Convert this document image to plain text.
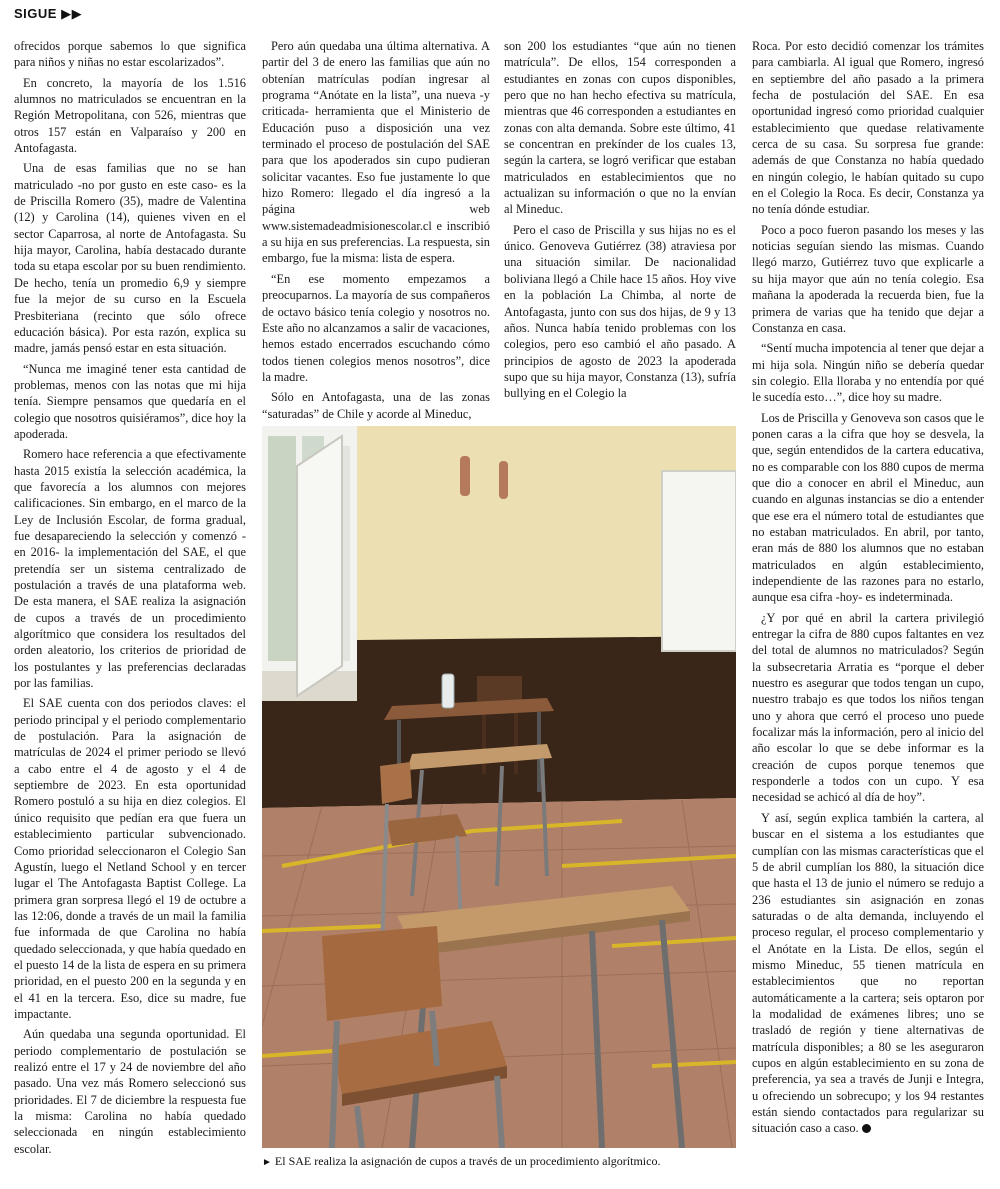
SIGUE ▶▶

ofrecidos porque sabemos lo que significa para niños y niñas no estar escolarizados”.

En concreto, la mayoría de los 1.516 alumnos no matriculados se encuentran en la Región Metropolitana, con 526, mientras que otros 157 están en Valparaíso y 200 en Antofagasta.

Una de esas familias que no se han matriculado -no por gusto en este caso- es la de Priscilla Romero (35), madre de Valentina (12) y Carolina (14), quienes viven en el sector Caparrosa, al norte de Antofagasta. Su hija mayor, Carolina, había destacado durante toda su etapa escolar por su buen rendimiento. De hecho, tenía un promedio 6,9 y siempre fue la mejor de su curso en la Escuela Presbiteriana (recinto que sólo ofrece educación básica). Por esta razón, explica su madre, jamás pensó estar en esta situación.

“Nunca me imaginé tener esta cantidad de problemas, menos con las notas que mi hija tenía. Siempre pensamos que quedaría en el colegio que nosotros quisiéramos”, dice hoy la apoderada.

Romero hace referencia a que efectivamente hasta 2015 existía la selección académica, la que favorecía a los alumnos con mejores calificaciones. Sin embargo, en el marco de la Ley de Inclusión Escolar, de forma gradual, fue desapareciendo la selección y comenzó -en 2016- la implementación del SAE, el que pretendía ser un sistema centralizado de postulación a través de una plataforma web. De esta manera, el SAE realiza la asignación de cupos a través de un procedimiento algorítmico que considera los resultados del orden aleatorio, los criterios de prioridad de los postulantes y las preferencias declaradas por las familias.

El SAE cuenta con dos periodos claves: el periodo principal y el periodo complementario de postulación. Para la asignación de matrículas de 2024 el primer periodo se llevó a cabo entre el 4 de agosto y el 4 de septiembre de 2023. En esta oportunidad Romero postuló a su hija en diez colegios. El único requisito que pedían era que fuera un establecimiento particular subvencionado. Como prioridad seleccionaron el Colegio San Agustín, luego el Netland School y en tercer lugar el The Antofagasta Baptist College. La primera gran sorpresa llegó el 19 de octubre a las 12:06, donde a través de un mail la familia fue informada de que Carolina no había quedado seleccionada, y que había quedado en el puesto 14 de la lista de espera en su primera prioridad, en el puesto 200 en la segunda y en el 41 en la tercera. Eso, dice su madre, fue impactante.

Aún quedaba una segunda oportunidad. El periodo complementario de postulación se realizó entre el 17 y 24 de noviembre del año pasado. Una vez más Romero seleccionó sus prioridades. El 7 de diciembre la respuesta fue la misma: Carolina no había quedado seleccionada en ningún establecimiento escolar.

Pero aún quedaba una última alternativa. A partir del 3 de enero las familias que aún no obtenían matrículas podían ingresar al programa “Anótate en la lista”, una nueva -y criticada- herramienta que el Ministerio de Educación puso a disposición una vez terminado el proceso de postulación del SAE para que los apoderados sin cupo pudieran solicitar vacantes. Eso fue justamente lo que hizo Romero: llegado el día ingresó a la página web www.sistemadeadmisionescolar.cl e inscribió a su hija en sus preferencias. La respuesta, sin embargo, fue la misma: lista de espera.

“En ese momento empezamos a preocuparnos. La mayoría de sus compañeros de octavo básico tenía colegio y nosotros no. Este año no alcanzamos a salir de vacaciones, hemos estado encerrados escuchando cómo todos tienen colegios menos nosotros”, dice la madre.

Sólo en Antofagasta, una de las zonas “saturadas” de Chile y acorde al Mineduc,

son 200 los estudiantes “que aún no tienen matrícula”. De ellos, 154 corresponden a estudiantes en zonas con cupos disponibles, pero que no han hecho efectiva su matrícula, mientras que 46 corresponden a estudiantes en zonas con alta demanda. Sobre este último, 41 se concentran en prekínder de los cuales 13, según la cartera, se logró verificar que estaban matriculados en establecimientos que no actualizan su información o que no la envían al Mineduc.

Pero el caso de Priscilla y sus hijas no es el único. Genoveva Gutiérrez (38) atraviesa por una situación similar. De nacionalidad boliviana llegó a Chile hace 15 años. Hoy vive en la población La Chimba, al norte de Antofagasta, junto con sus dos hijas, de 9 y 13 años. Nunca había tenido problemas con los colegios, pero eso cambió el año pasado. A principios de agosto de 2023 la apoderada supo que su hija mayor, Constanza (13), sufría bullying en el Colegio la

Roca. Por esto decidió comenzar los trámites para cambiarla. Al igual que Romero, ingresó en septiembre del año pasado a la primera fecha de postulación del SAE. En esa oportunidad ingresó como prioridad cualquier establecimiento que quedase relativamente cerca de su casa. Su sorpresa fue grande: además de que Constanza no había quedado en ningún colegio, le habían quitado su cupo en el Colegio la Roca. Es decir, Constanza ya no tenía dónde estudiar.

Poco a poco fueron pasando los meses y las noticias seguían siendo las mismas. Cuando llegó marzo, Gutiérrez tuvo que explicarle a su hija mayor que aún no tenía colegio. Esa mañana la apoderada la recuerda bien, fue la primera de varias que ha tenido que dejar a Constanza en casa.

“Sentí mucha impotencia al tener que dejar a mi hija sola. Ningún niño se debería quedar sin colegio. Ella lloraba y no entendía por qué le sucedía esto…”, dice hoy su madre.

Los de Priscilla y Genoveva son casos que le ponen caras a la cifra que hoy se desvela, la que, según entendidos de la cartera educativa, no es comparable con los 880 cupos de merma que dio a conocer en abril el Mineduc, aun cuando en algunas instancias se dio a entender que ese era el número total de estudiantes que no estaban matriculados. En abril, por tanto, eran más de 880 los alumnos que no estaban matriculados en algún establecimiento, independiente de las razones para no estarlo, aunque esa cifra -hoy- es indeterminada.

¿Y por qué en abril la cartera privilegió entregar la cifra de 880 cupos faltantes en vez del total de alumnos no matriculados? Según la subsecretaria Arratia es “porque el deber nuestro es asegurar que todos tengan un cupo, nuestro trabajo es que todos los niños tengan uno y ahora que cerró el proceso uno puede focalizar más la información, pero al inicio del año escolar lo que se debe informar es la creación de cupos porque tenemos que responderle a todos con un cupo. Y esa necesidad se achicó al día de hoy”.

Y así, según explica también la cartera, al buscar en el sistema a los estudiantes que cumplían con las mismas características que el 5 de abril cumplían los 880, la situación dice que hasta el 13 de junio el número se redujo a 236 estudiantes sin asignación en zonas saturadas o de alta demanda, incluyendo el proceso regular, el proceso complementario y el Anótate en la Lista. De ellos, según el mismo Mineduc, 55 tienen matrícula en establecimientos que no reportan automáticamente a la cartera; seis optaron por la modalidad de exámenes libres; uno se trasladó de región y tiene alternativas de matrícula disponibles; a 80 se les aseguraron cupos en algún establecimiento en su zona de preferencia, ya sea a través de Junji e Integra, u ofreciendo un sobrecupo; y los 94 restantes están siendo contactados para regularizar su situación caso a caso.

► El SAE realiza la asignación de cupos a través de un procedimiento algorítmico.
